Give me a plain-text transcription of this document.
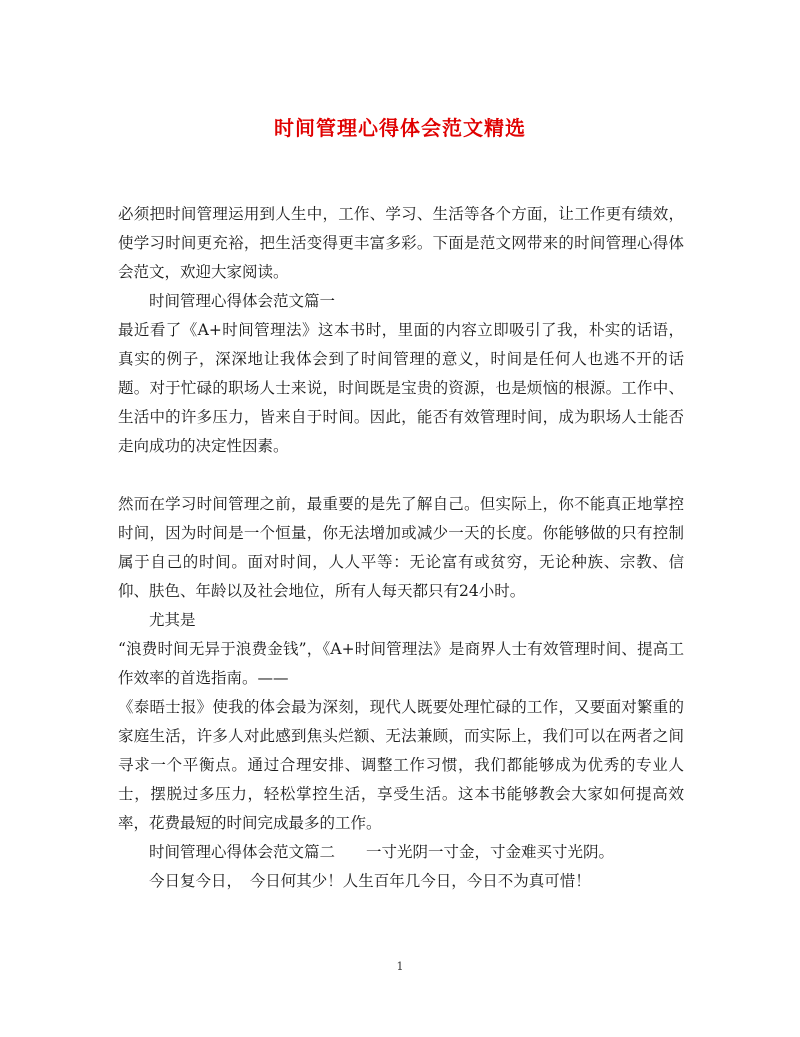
时间管理心得体会范文精选

必须把时间管理运用到人生中，工作、学习、生活等各个方面，让工作更有绩效，使学习时间更充裕，把生活变得更丰富多彩。下面是范文网带来的时间管理心得体会范文，欢迎大家阅读。

时间管理心得体会范文篇一

最近看了《A+时间管理法》这本书时，里面的内容立即吸引了我，朴实的话语，真实的例子，深深地让我体会到了时间管理的意义，时间是任何人也逃不开的话题。对于忙碌的职场人士来说，时间既是宝贵的资源，也是烦恼的根源。工作中、生活中的许多压力，皆来自于时间。因此，能否有效管理时间，成为职场人士能否走向成功的决定性因素。

然而在学习时间管理之前，最重要的是先了解自己。但实际上，你不能真正地掌控时间，因为时间是一个恒量，你无法增加或减少一天的长度。你能够做的只有控制属于自己的时间。面对时间，人人平等：无论富有或贫穷，无论种族、宗教、信仰、肤色、年龄以及社会地位，所有人每天都只有24小时。

尤其是

“浪费时间无异于浪费金钱”，《A+时间管理法》是商界人士有效管理时间、提高工作效率的首选指南。——

《泰晤士报》使我的体会最为深刻，现代人既要处理忙碌的工作，又要面对繁重的家庭生活，许多人对此感到焦头烂额、无法兼顾，而实际上，我们可以在两者之间寻求一个平衡点。通过合理安排、调整工作习惯，我们都能够成为优秀的专业人士，摆脱过多压力，轻松掌控生活，享受生活。这本书能够教会大家如何提高效率，花费最短的时间完成最多的工作。

时间管理心得体会范文篇二　　一寸光阴一寸金，寸金难买寸光阴。

今日复今日，　今日何其少！人生百年几今日，今日不为真可惜！

1
